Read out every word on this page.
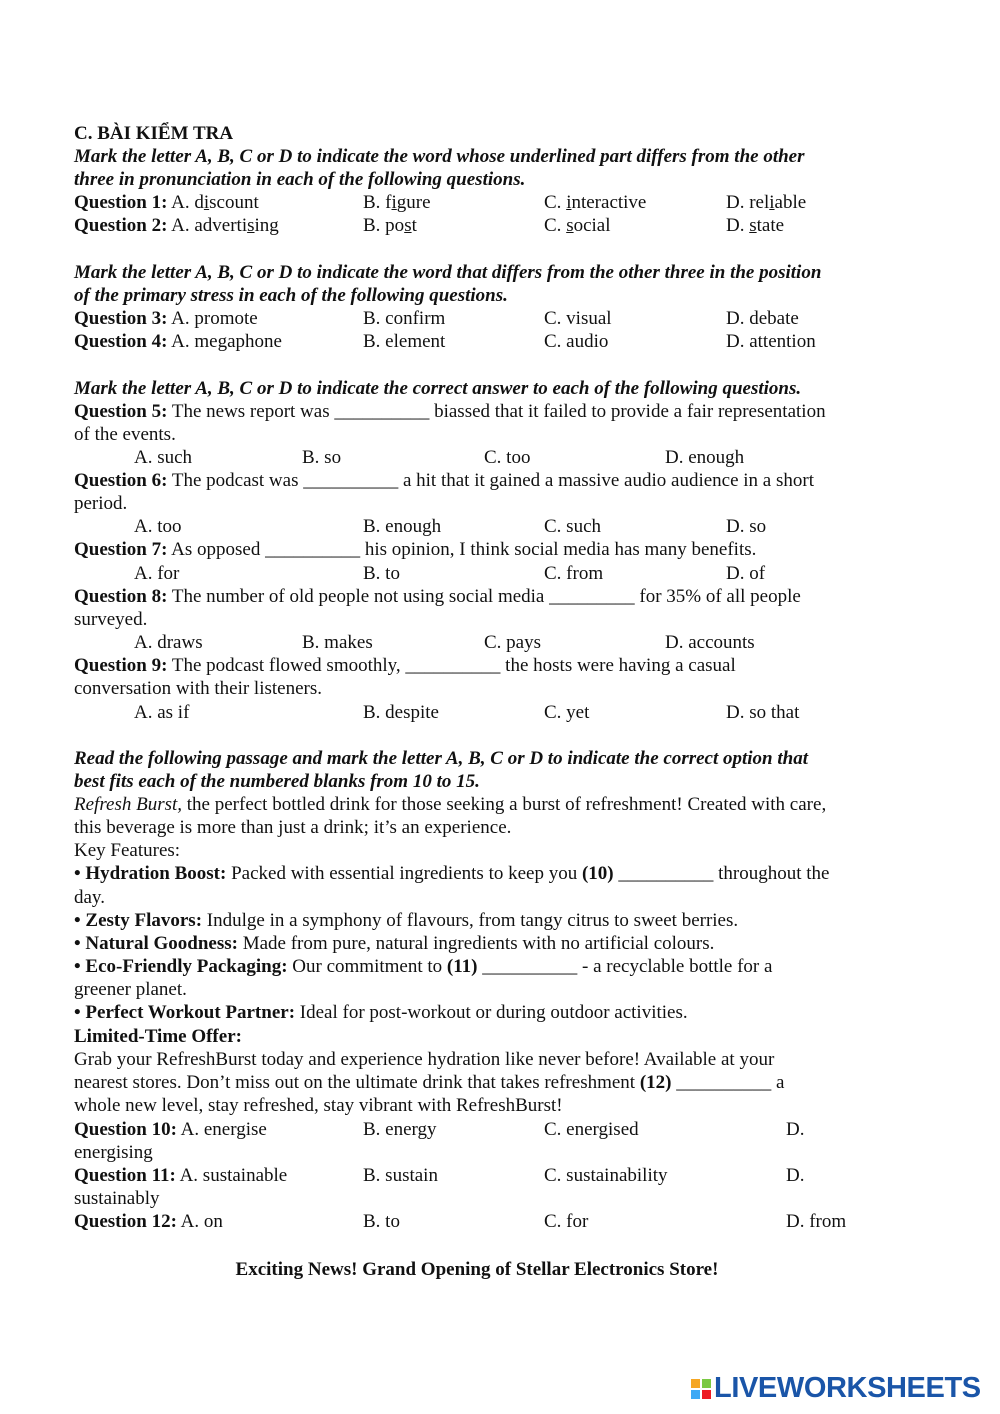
C. BÀI KIỂM TRA
Mark the letter A, B, C or D to indicate the word whose underlined part differs from the other
three in pronunciation in each of the following questions.
Question 1: A. discount	B. figure	C. interactive	D. reliable
Question 2: A. advertising	B. post	C. social	D. state
Mark the letter A, B, C or D to indicate the word that differs from the other three in the position
of the primary stress in each of the following questions.
Question 3: A. promote	B. confirm	C. visual	D. debate
Question 4: A. megaphone	B. element	C. audio	D. attention
Mark the letter A, B, C or D to indicate the correct answer to each of the following questions.
Question 5: The news report was __________ biassed that it failed to provide a fair representation
of the events.
A. such	B. so	C. too	D. enough
Question 6: The podcast was __________ a hit that it gained a massive audio audience in a short
period.
A. too	B. enough	C. such	D. so
Question 7: As opposed __________ his opinion, I think social media has many benefits.
A. for	B. to	C. from	D. of
Question 8: The number of old people not using social media _________ for 35% of all people
surveyed.
A. draws	B. makes	C. pays	D. accounts
Question 9: The podcast flowed smoothly, __________ the hosts were having a casual
conversation with their listeners.
A. as if	B. despite	C. yet	D. so that
Read the following passage and mark the letter A, B, C or D to indicate the correct option that
best fits each of the numbered blanks from 10 to 15.
Refresh Burst, the perfect bottled drink for those seeking a burst of refreshment! Created with care,
this beverage is more than just a drink; it’s an experience.
Key Features:
• Hydration Boost: Packed with essential ingredients to keep you (10) __________ throughout the
day.
• Zesty Flavors: Indulge in a symphony of flavours, from tangy citrus to sweet berries.
• Natural Goodness: Made from pure, natural ingredients with no artificial colours.
• Eco-Friendly Packaging: Our commitment to (11) __________ - a recyclable bottle for a
greener planet.
• Perfect Workout Partner: Ideal for post-workout or during outdoor activities.
Limited-Time Offer:
Grab your RefreshBurst today and experience hydration like never before! Available at your
nearest stores. Don’t miss out on the ultimate drink that takes refreshment (12) __________ a
whole new level, stay refreshed, stay vibrant with RefreshBurst!
Question 10: A. energise	B. energy	C. energised	D.
energising
Question 11: A. sustainable	B. sustain	C. sustainability	D.
sustainably
Question 12: A. on	B. to	C. for	D. from
Exciting News! Grand Opening of Stellar Electronics Store!
LIVEWORKSHEETS
